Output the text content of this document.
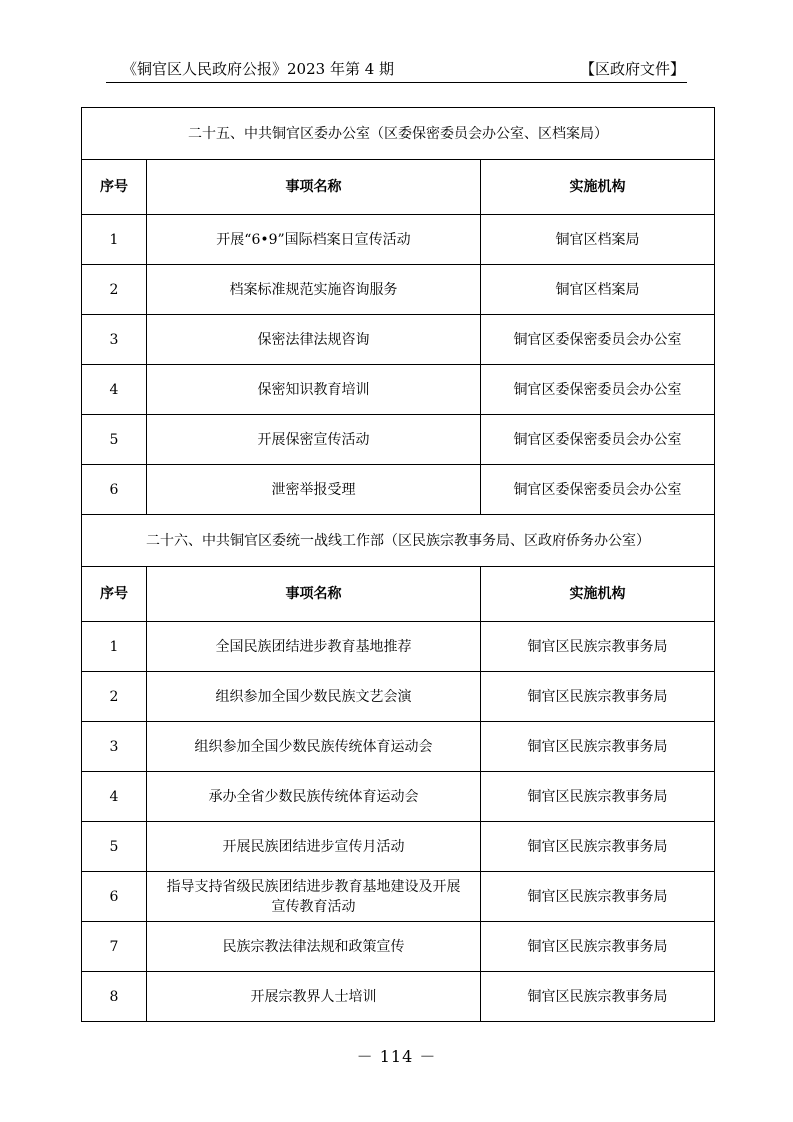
《铜官区人民政府公报》2023 年第 4 期	【区政府文件】
二十五、中共铜官区委办公室（区委保密委员会办公室、区档案局）		
序号	事项名称	实施机构
1	开展“6•9”国际档案日宣传活动	铜官区档案局
2	档案标准规范实施咨询服务	铜官区档案局
3	保密法律法规咨询	铜官区委保密委员会办公室
4	保密知识教育培训	铜官区委保密委员会办公室
5	开展保密宣传活动	铜官区委保密委员会办公室
6	泄密举报受理	铜官区委保密委员会办公室
二十六、中共铜官区委统一战线工作部（区民族宗教事务局、区政府侨务办公室）		
序号	事项名称	实施机构
1	全国民族团结进步教育基地推荐	铜官区民族宗教事务局
2	组织参加全国少数民族文艺会演	铜官区民族宗教事务局
3	组织参加全国少数民族传统体育运动会	铜官区民族宗教事务局
4	承办全省少数民族传统体育运动会	铜官区民族宗教事务局
5	开展民族团结进步宣传月活动	铜官区民族宗教事务局
6	指导支持省级民族团结进步教育基地建设及开展宣传教育活动	铜官区民族宗教事务局
7	民族宗教法律法规和政策宣传	铜官区民族宗教事务局
8	开展宗教界人士培训	铜官区民族宗教事务局
－ 114 －
